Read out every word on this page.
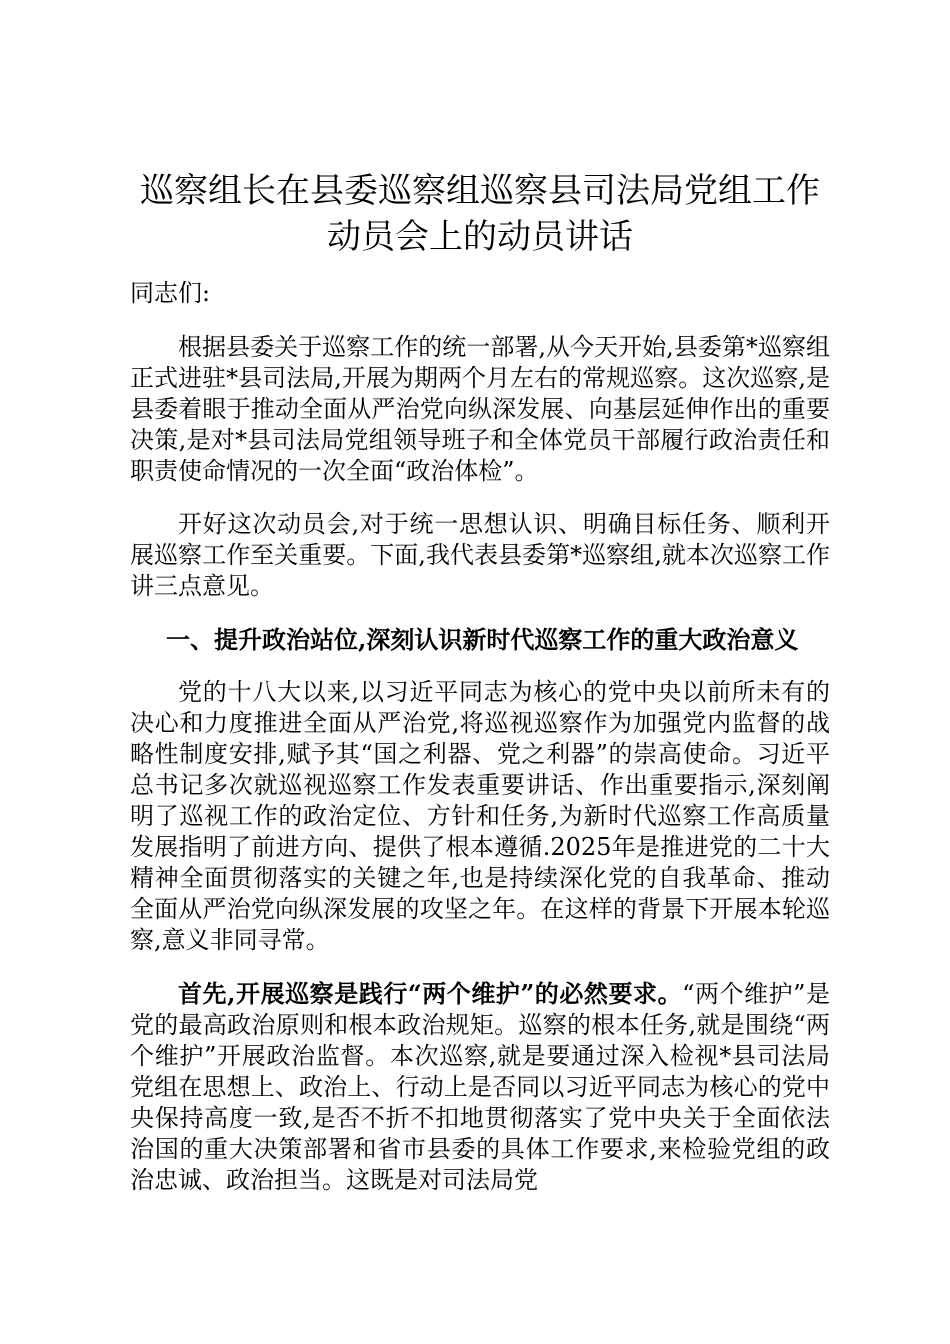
巡察组长在县委巡察组巡察县司法局党组工作
动员会上的动员讲话

同志们:

根据县委关于巡察工作的统一部署,从今天开始,县委第*巡察组正式进驻*县司法局,开展为期两个月左右的常规巡察。这次巡察,是县委着眼于推动全面从严治党向纵深发展、向基层延伸作出的重要决策,是对*县司法局党组领导班子和全体党员干部履行政治责任和职责使命情况的一次全面“政治体检”。

开好这次动员会,对于统一思想认识、明确目标任务、顺利开展巡察工作至关重要。下面,我代表县委第*巡察组,就本次巡察工作讲三点意见。

一、提升政治站位,深刻认识新时代巡察工作的重大政治意义

党的十八大以来,以习近平同志为核心的党中央以前所未有的决心和力度推进全面从严治党,将巡视巡察作为加强党内监督的战略性制度安排,赋予其“国之利器、党之利器”的崇高使命。习近平总书记多次就巡视巡察工作发表重要讲话、作出重要指示,深刻阐明了巡视工作的政治定位、方针和任务,为新时代巡察工作高质量发展指明了前进方向、提供了根本遵循.2025年是推进党的二十大精神全面贯彻落实的关键之年,也是持续深化党的自我革命、推动全面从严治党向纵深发展的攻坚之年。在这样的背景下开展本轮巡察,意义非同寻常。

首先,开展巡察是践行“两个维护”的必然要求。“两个维护”是党的最高政治原则和根本政治规矩。巡察的根本任务,就是围绕“两个维护”开展政治监督。本次巡察,就是要通过深入检视*县司法局党组在思想上、政治上、行动上是否同以习近平同志为核心的党中央保持高度一致,是否不折不扣地贯彻落实了党中央关于全面依法治国的重大决策部署和省市县委的具体工作要求,来检验党组的政治忠诚、政治担当。这既是对司法局党
